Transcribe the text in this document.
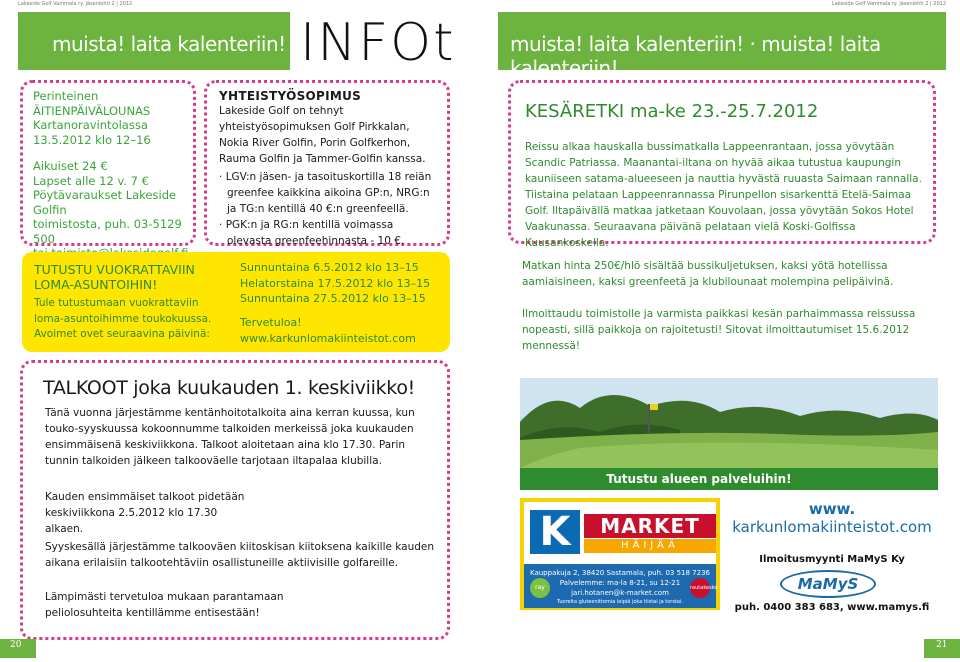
Lakeside Golf Vammala ry. jäsenlehti 2 | 2012	Lakeside Golf Vammala ry. jäsenlehti 2 | 2012
muista! laita kalenteriin!	muista! laita kalenteriin! · muista! laita kalenteriin!
INFOt
Perinteinen
ÄITIENPÄIVÄLOUNAS
Kartanoravintolassa
13.5.2012 klo 12–16
Aikuiset 24 €
Lapset alle 12 v. 7 €
Pöytävaraukset Lakeside Golfin
toimistosta, puh. 03-5129 500
YHTEISTYÖSOPIMUS
Lakeside Golf on tehnyt yhteistyösopimuksen Golf Pirkkalan, Nokia River Golfin, Porin Golfkerhon, Rauma Golfin ja Tammer-Golfin kanssa.
· LGV:n jäsen- ja tasoituskortilla 18 reiän greenfee kaikkina aikoina GP:n, NRG:n ja TG:n kentillä 40 €:n greenfeellä.
· PGK:n ja RG:n kentillä voimassa olevasta greenfeehinnasta - 10 €.
TUTUSTU VUOKRATTAVIIN LOMA-ASUNTOIHIN!
Tule tutustumaan vuokrattaviin loma-asuntoihimme toukokuussa. Avoimet ovet seuraavina päivinä:
Sunnuntaina 6.5.2012 klo 13–15
Helatorstaina 17.5.2012 klo 13–15
Sunnuntaina 27.5.2012 klo 13–15
Tervetuloa!
www.karkunlomakiinteistot.com
TALKOOT joka kuukauden 1. keskiviikko!
Tänä vuonna järjestämme kentänhoitotalkoita aina kerran kuussa, kun touko-syyskuussa kokoonnumme talkoiden merkeissä joka kuukauden ensimmäisenä keskiviikkona. Talkoot aloitetaan aina klo 17.30. Parin tunnin talkoiden jälkeen talkooväelle tarjotaan iltapalaa klubilla.
Kauden ensimmäiset talkoot pidetään keskiviikkona 2.5.2012 klo 17.30 alkaen.
Syyskesällä järjestämme talkooväen kiitoskisan kiitoksena kaikille kauden aikana erilaisiin talkootehtäviin osallistuneille aktiivisille golfareille.
Lämpimästi tervetuloa mukaan parantamaan peliolosuhteita kentillämme entisestään!
KESÄRETKI ma-ke 23.-25.7.2012
Reissu alkaa hauskalla bussimatkalla Lappeenrantaan, jossa yövytään Scandic Patriassa. Maanantai-iltana on hyvää aikaa tutustua kaupungin kauniiseen satama-alueeseen ja nauttia hyvästä ruuasta Saimaan rannalla. Tiistaina pelataan Lappeenrannassa Pirunpellon sisarkenttä Etelä-Saimaa Golf. Iltapäivällä matkaa jatketaan Kouvolaan, jossa yövytään Sokos Hotel Vaakunassa. Seuraavana päivänä pelataan vielä Koski-Golfissa Kuusankoskella.
Matkan hinta 250€/hlö sisältää bussikuljetuksen, kaksi yötä hotellissa aamiaisineen, kaksi greenfeetä ja klubilounaat molempina pelipäivinä.
Ilmoittaudu toimistolle ja varmista paikkasi kesän parhaimmassa reissussa nopeasti, sillä paikkoja on rajoitetusti! Sitovat ilmoittautumiset 15.6.2012 mennessä!
Tutustu alueen palveluihin!
K	MARKET
HÄIJÄÄ
Kauppakuja 2, 38420 Sastamala, puh. 03 518 7236
Palvelemme: ma-la 8-21, su 12-21
jari.hotanen@k-market.com
Tuoreita gluteenittomia leipiä joka tiistai ja torstai.
ray	rautakesko
www.
karkunlomakiinteistot.com
Ilmoitusmyynti MaMyS Ky
MaMyS
puh. 0400 383 683, www.mamys.fi
20	21
